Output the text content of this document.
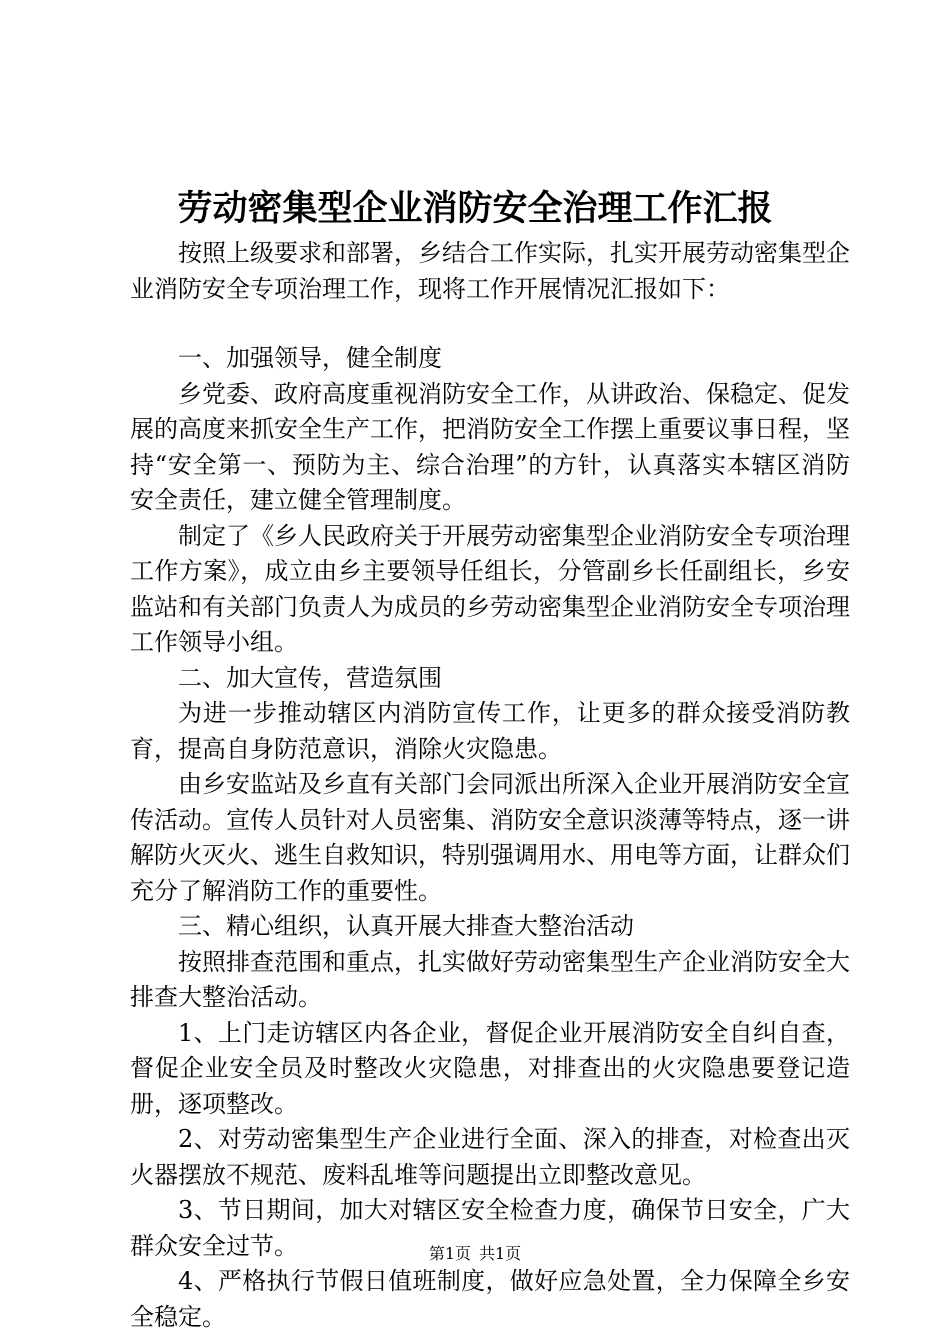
劳动密集型企业消防安全治理工作汇报

按照上级要求和部署，乡结合工作实际，扎实开展劳动密集型企业消防安全专项治理工作，现将工作开展情况汇报如下：

一、加强领导，健全制度

乡党委、政府高度重视消防安全工作，从讲政治、保稳定、促发展的高度来抓安全生产工作，把消防安全工作摆上重要议事日程，坚持“安全第一、预防为主、综合治理”的方针，认真落实本辖区消防安全责任，建立健全管理制度。

制定了《乡人民政府关于开展劳动密集型企业消防安全专项治理工作方案》，成立由乡主要领导任组长，分管副乡长任副组长，乡安监站和有关部门负责人为成员的乡劳动密集型企业消防安全专项治理工作领导小组。

二、加大宣传，营造氛围

为进一步推动辖区内消防宣传工作，让更多的群众接受消防教育，提高自身防范意识，消除火灾隐患。

由乡安监站及乡直有关部门会同派出所深入企业开展消防安全宣传活动。宣传人员针对人员密集、消防安全意识淡薄等特点，逐一讲解防火灭火、逃生自救知识，特别强调用水、用电等方面，让群众们充分了解消防工作的重要性。

三、精心组织，认真开展大排查大整治活动

按照排查范围和重点，扎实做好劳动密集型生产企业消防安全大排查大整治活动。

1、上门走访辖区内各企业，督促企业开展消防安全自纠自查，督促企业安全员及时整改火灾隐患，对排查出的火灾隐患要登记造册，逐项整改。

2、对劳动密集型生产企业进行全面、深入的排查，对检查出灭火器摆放不规范、废料乱堆等问题提出立即整改意见。

3、节日期间，加大对辖区安全检查力度，确保节日安全，广大群众安全过节。

4、严格执行节假日值班制度，做好应急处置，全力保障全乡安全稳定。

第1页 共1页
